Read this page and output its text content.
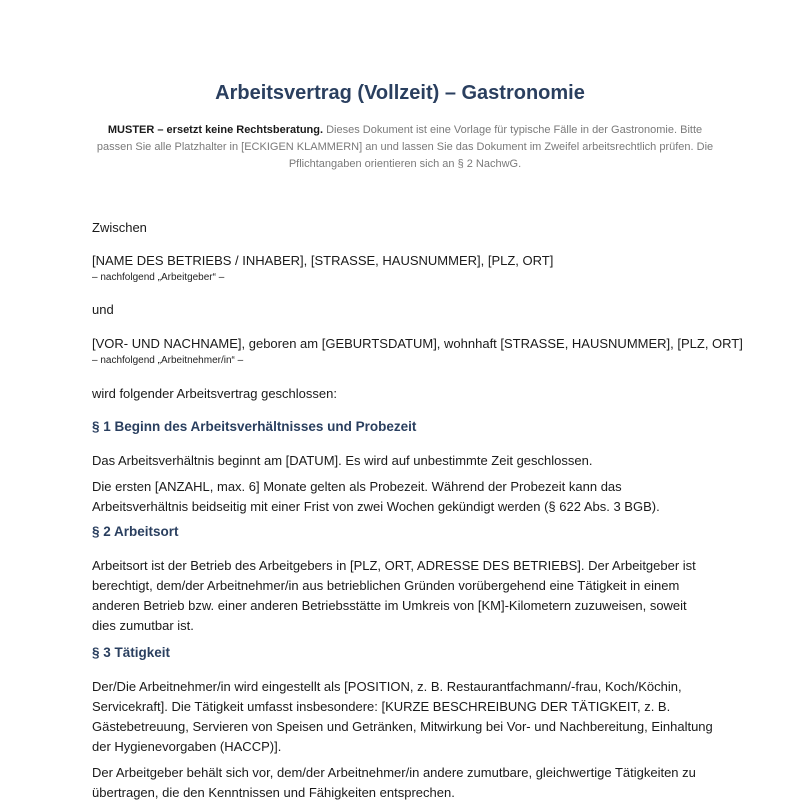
Arbeitsvertrag (Vollzeit) – Gastronomie

MUSTER – ersetzt keine Rechtsberatung. Dieses Dokument ist eine Vorlage für typische Fälle in der Gastronomie. Bitte passen Sie alle Platzhalter in [ECKIGEN KLAMMERN] an und lassen Sie das Dokument im Zweifel arbeitsrechtlich prüfen. Die Pflichtangaben orientieren sich an § 2 NachwG.

Zwischen

[NAME DES BETRIEBS / INHABER], [STRASSE, HAUSNUMMER], [PLZ, ORT]
– nachfolgend „Arbeitgeber“ –

und

[VOR- UND NACHNAME], geboren am [GEBURTSDATUM], wohnhaft [STRASSE, HAUSNUMMER], [PLZ, ORT]
– nachfolgend „Arbeitnehmer/in“ –

wird folgender Arbeitsvertrag geschlossen:

§ 1 Beginn des Arbeitsverhältnisses und Probezeit

Das Arbeitsverhältnis beginnt am [DATUM]. Es wird auf unbestimmte Zeit geschlossen.

Die ersten [ANZAHL, max. 6] Monate gelten als Probezeit. Während der Probezeit kann das Arbeitsverhältnis beidseitig mit einer Frist von zwei Wochen gekündigt werden (§ 622 Abs. 3 BGB).

§ 2 Arbeitsort

Arbeitsort ist der Betrieb des Arbeitgebers in [PLZ, ORT, ADRESSE DES BETRIEBS]. Der Arbeitgeber ist berechtigt, dem/der Arbeitnehmer/in aus betrieblichen Gründen vorübergehend eine Tätigkeit in einem anderen Betrieb bzw. einer anderen Betriebsstätte im Umkreis von [KM]-Kilometern zuzuweisen, soweit dies zumutbar ist.

§ 3 Tätigkeit

Der/Die Arbeitnehmer/in wird eingestellt als [POSITION, z. B. Restaurantfachmann/-frau, Koch/Köchin, Servicekraft]. Die Tätigkeit umfasst insbesondere: [KURZE BESCHREIBUNG DER TÄTIGKEIT, z. B. Gästebetreuung, Servieren von Speisen und Getränken, Mitwirkung bei Vor- und Nachbereitung, Einhaltung der Hygienevorgaben (HACCP)].

Der Arbeitgeber behält sich vor, dem/der Arbeitnehmer/in andere zumutbare, gleichwertige Tätigkeiten zu übertragen, die den Kenntnissen und Fähigkeiten entsprechen.
